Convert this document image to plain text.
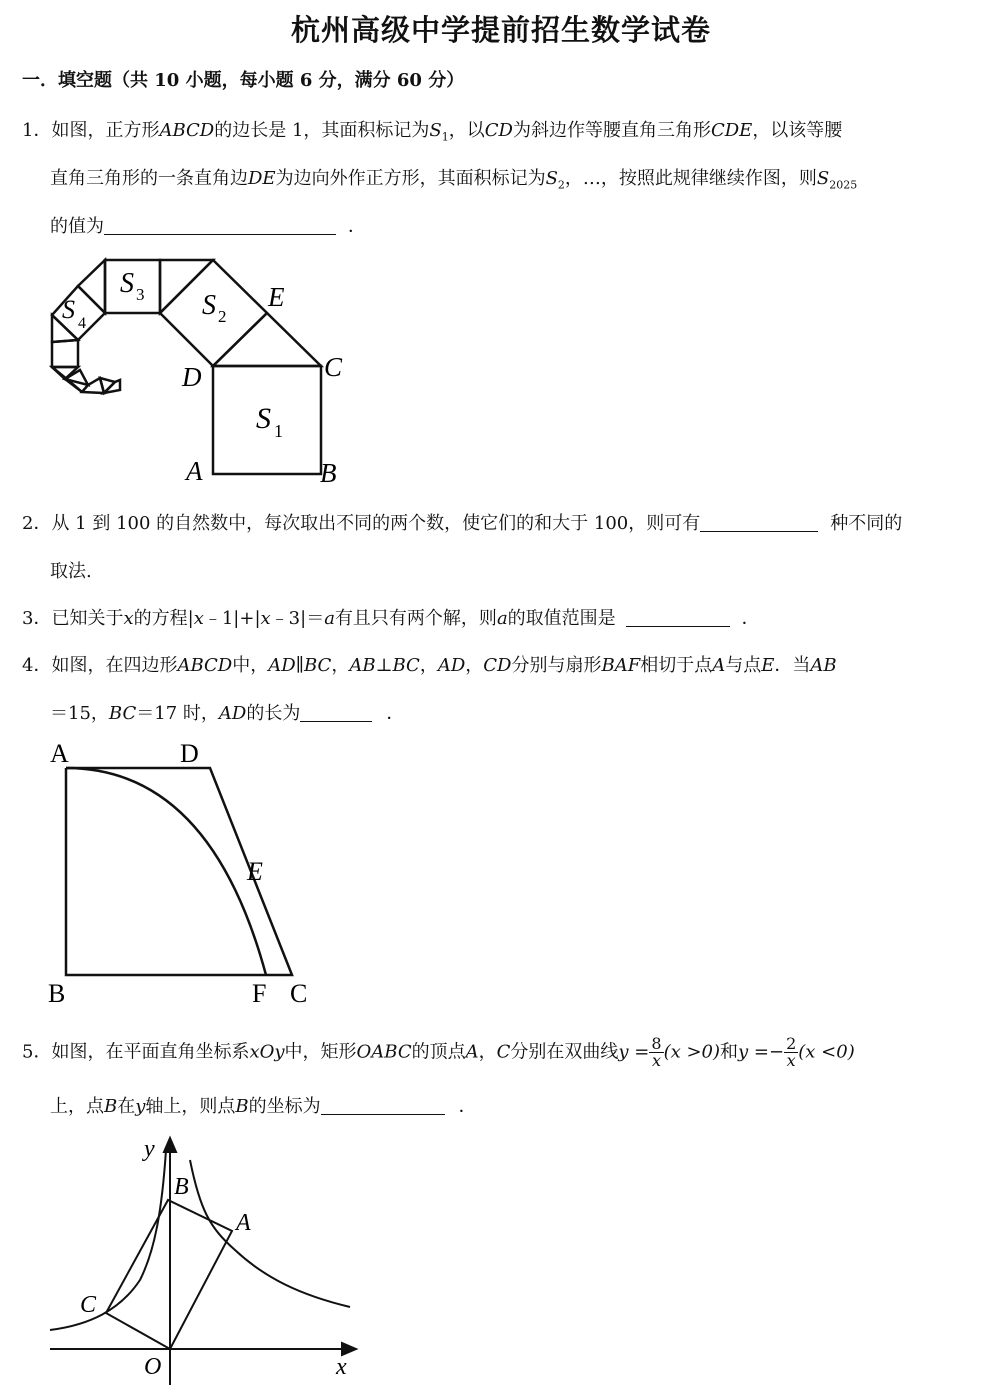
杭州高级中学提前招生数学试卷
一．填空题（共 10 小题，每小题 6 分，满分 60 分）
1．如图，正方形ABCD的边长是 1，其面积标记为$S_1$，以CD为斜边作等腰直角三角形CDE，以该等腰
直角三角形的一条直角边DE为边向外作正方形，其面积标记为$S_2$，…，按照此规律继续作图，则$S_{2025}$
的值为	．
S 3 S 2
S 4
S 1
E
C
D
A	B
2．从 1 到 100 的自然数中，每次取出不同的两个数，使它们的和大于 100，则可有	种不同的
取法.
3．已知关于x的方程|x﹣1|+|x﹣3|＝a有且只有两个解，则a的取值范围是	．
4．如图，在四边形ABCD中，AD∥BC，AB⊥BC，AD，CD分别与扇形BAF相切于点A与点E．当AB
＝15，BC＝17 时，AD的长为	．
A	D
E
B	F C
5．如图，在平面直角坐标系xOy中，矩形OABC的顶点A，C分别在双曲线$y = \frac{8}{x} (x >0)$和$y =- \frac{2}{x} (x <0)$
上，点B在y轴上，则点B的坐标为	．
y
x
O
A
B
C
